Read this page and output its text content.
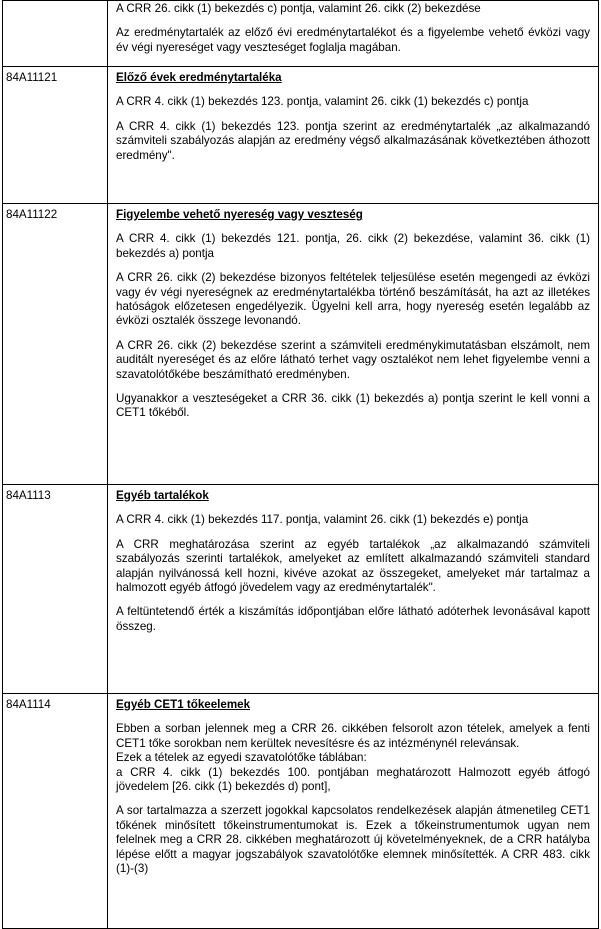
	A CRR 26. cikk (1) bekezdés c) pontja, valamint 26. cikk (2) bekezdése

Az eredménytartalék az előző évi eredménytartalékot és a figyelembe vehető évközi vagy év végi nyereséget vagy veszteséget foglalja magában.

84A11121	Előző évek eredménytartaléka

A CRR 4. cikk (1) bekezdés 123. pontja, valamint 26. cikk (1) bekezdés c) pontja

A CRR 4. cikk (1) bekezdés 123. pontja szerint az eredménytartalék „az alkalmazandó számviteli szabályozás alapján az eredmény végső alkalmazásának következtében áthozott eredmény".

84A11122	Figyelembe vehető nyereség vagy veszteség

A CRR 4. cikk (1) bekezdés 121. pontja, 26. cikk (2) bekezdése, valamint 36. cikk (1) bekezdés a) pontja

A CRR 26. cikk (2) bekezdése bizonyos feltételek teljesülése esetén megengedi az évközi vagy év végi nyereségnek az eredménytartalékba történő beszámítását, ha azt az illetékes hatóságok előzetesen engedélyezik. Ügyelni kell arra, hogy nyereség esetén legalább az évközi osztalék összege levonandó.

A CRR 26. cikk (2) bekezdése szerint a számviteli eredménykimutatásban elszámolt, nem auditált nyereséget és az előre látható terhet vagy osztalékot nem lehet figyelembe venni a szavatolótőkébe beszámítható eredményben.

Ugyanakkor a veszteségeket a CRR 36. cikk (1) bekezdés a) pontja szerint le kell vonni a CET1 tőkéből.

84A1113	Egyéb tartalékok

A CRR 4. cikk (1) bekezdés 117. pontja, valamint 26. cikk (1) bekezdés e) pontja

A CRR meghatározása szerint az egyéb tartalékok „az alkalmazandó számviteli szabályozás szerinti tartalékok, amelyeket az említett alkalmazandó számviteli standard alapján nyilvánossá kell hozni, kivéve azokat az összegeket, amelyeket már tartalmaz a halmozott egyéb átfogó jövedelem vagy az eredménytartalék".

A feltüntetendő érték a kiszámítás időpontjában előre látható adóterhek levonásával kapott összeg.

84A1114	Egyéb CET1 tőkeelemek

Ebben a sorban jelennek meg a CRR 26. cikkében felsorolt azon tételek, amelyek a fenti CET1 tőke sorokban nem kerültek nevesítésre és az intézménynél relevánsak.

Ezek a tételek az egyedi szavatolótőke táblában:

a CRR 4. cikk (1) bekezdés 100. pontjában meghatározott Halmozott egyéb átfogó jövedelem [26. cikk (1) bekezdés d) pont],

A sor tartalmazza a szerzett jogokkal kapcsolatos rendelkezések alapján átmenetileg CET1 tőkének minősített tőkeinstrumentumokat is. Ezek a tőkeinstrumentumok ugyan nem felelnek meg a CRR 28. cikkében meghatározott új követelményeknek, de a CRR hatályba lépése előtt a magyar jogszabályok szavatolótőke elemnek minősítették. A CRR 483. cikk (1)-(3)
